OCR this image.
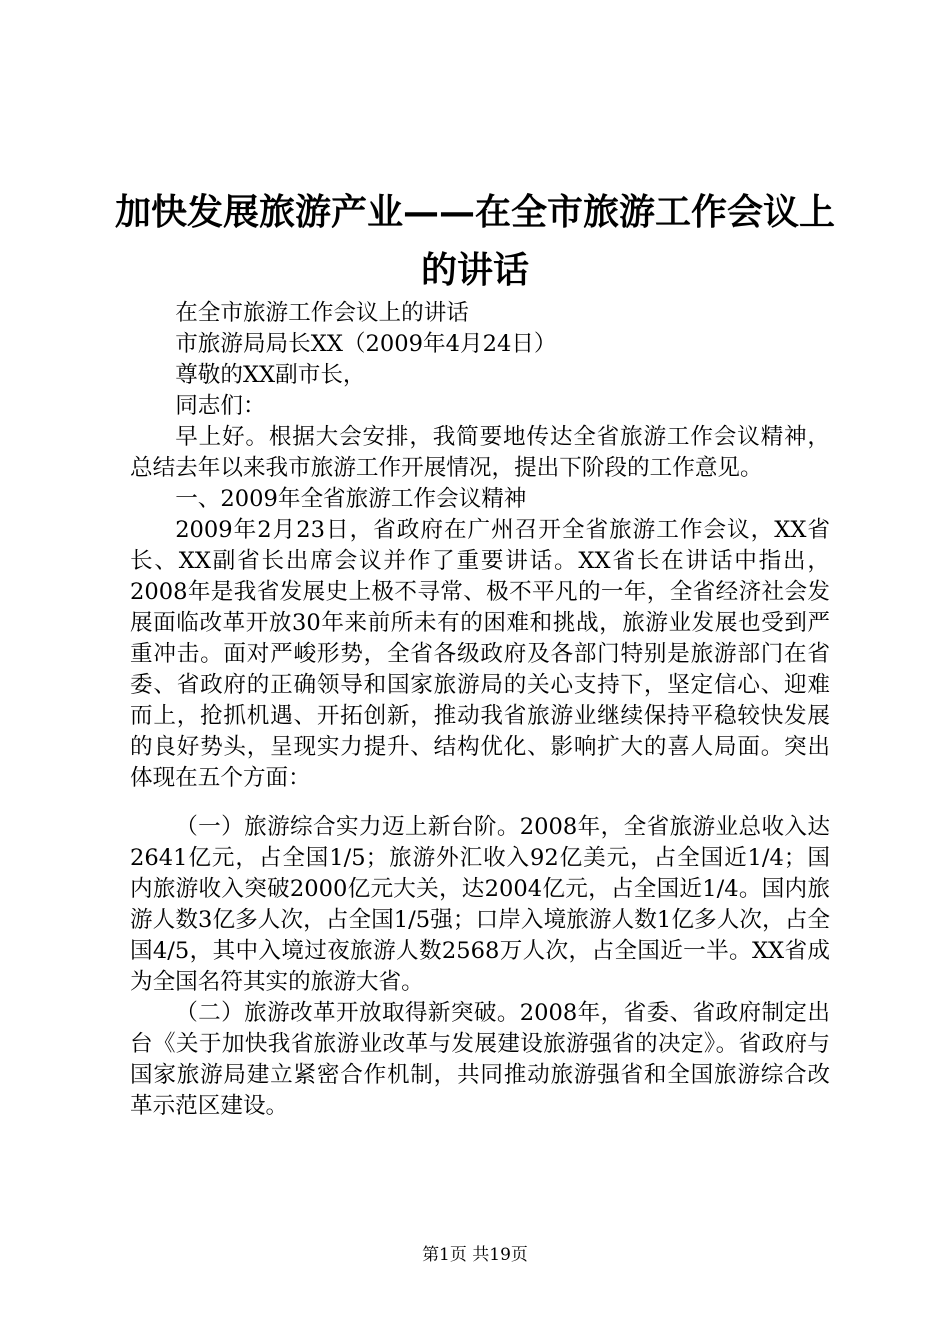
加快发展旅游产业——在全市旅游工作会议上
的讲话

在全市旅游工作会议上的讲话

市旅游局局长XX（2009年4月24日）

尊敬的XX副市长，

同志们：

早上好。根据大会安排，我简要地传达全省旅游工作会议精神，总结去年以来我市旅游工作开展情况，提出下阶段的工作意见。

一、2009年全省旅游工作会议精神

2009年2月23日，省政府在广州召开全省旅游工作会议，XX省长、XX副省长出席会议并作了重要讲话。XX省长在讲话中指出，2008年是我省发展史上极不寻常、极不平凡的一年，全省经济社会发展面临改革开放30年来前所未有的困难和挑战，旅游业发展也受到严重冲击。面对严峻形势，全省各级政府及各部门特别是旅游部门在省委、省政府的正确领导和国家旅游局的关心支持下，坚定信心、迎难而上，抢抓机遇、开拓创新，推动我省旅游业继续保持平稳较快发展的良好势头，呈现实力提升、结构优化、影响扩大的喜人局面。突出体现在五个方面：

（一）旅游综合实力迈上新台阶。2008年，全省旅游业总收入达2641亿元，占全国1/5；旅游外汇收入92亿美元，占全国近1/4；国内旅游收入突破2000亿元大关，达2004亿元，占全国近1/4。国内旅游人数3亿多人次，占全国1/5强；口岸入境旅游人数1亿多人次，占全国4/5，其中入境过夜旅游人数2568万人次，占全国近一半。XX省成为全国名符其实的旅游大省。

（二）旅游改革开放取得新突破。2008年，省委、省政府制定出台《关于加快我省旅游业改革与发展建设旅游强省的决定》。省政府与国家旅游局建立紧密合作机制，共同推动旅游强省和全国旅游综合改革示范区建设。

第1页 共19页
